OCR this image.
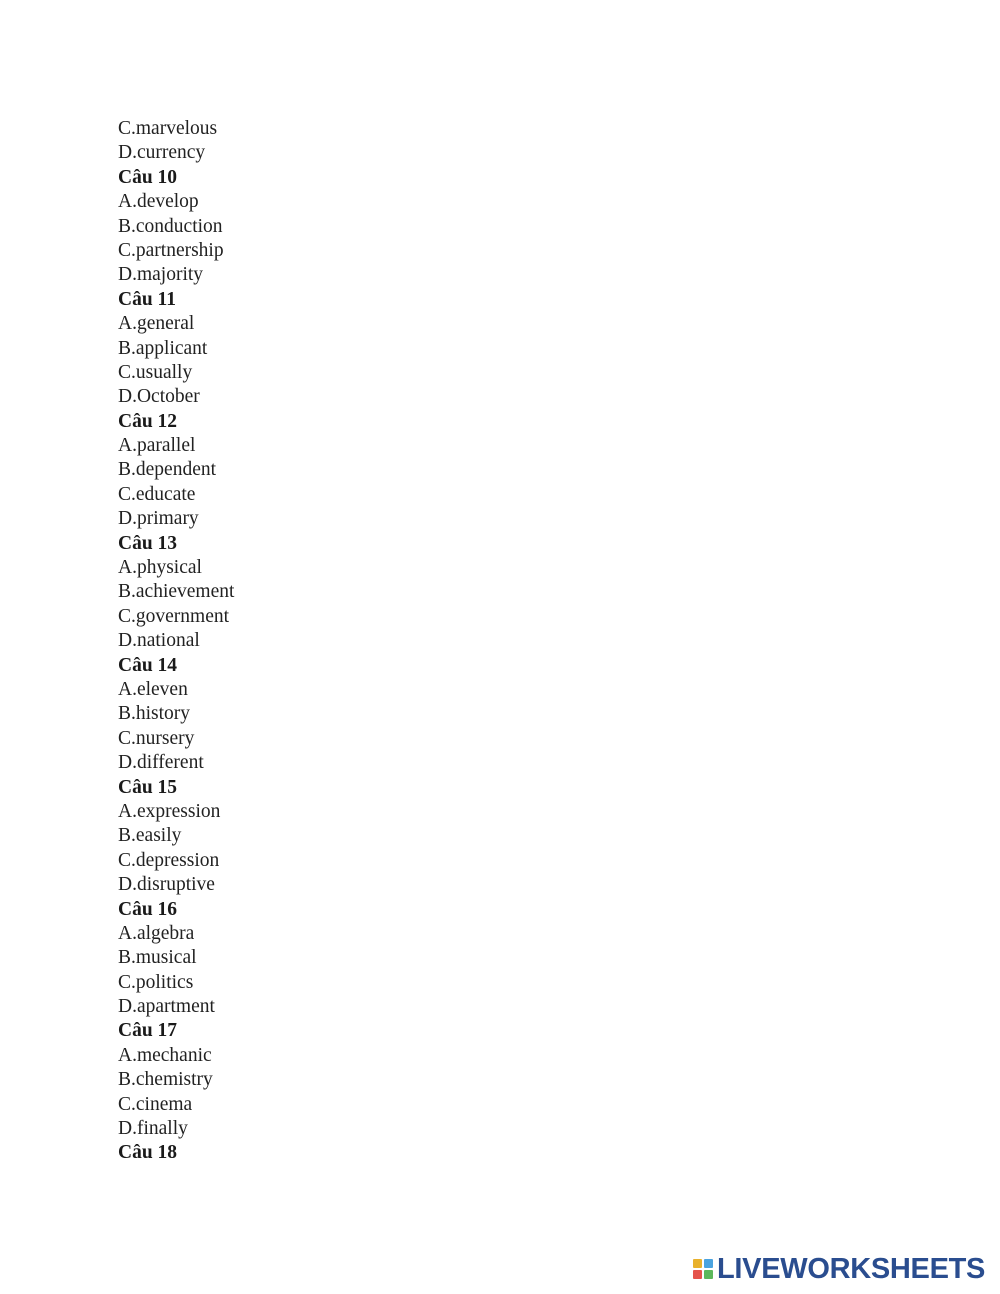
C.marvelous
D.currency
Câu 10
A.develop
B.conduction
C.partnership
D.majority
Câu 11
A.general
B.applicant
C.usually
D.October
Câu 12
A.parallel
B.dependent
C.educate
D.primary
Câu 13
A.physical
B.achievement
C.government
D.national
Câu 14
A.eleven
B.history
C.nursery
D.different
Câu 15
A.expression
B.easily
C.depression
D.disruptive
Câu 16
A.algebra
B.musical
C.politics
D.apartment
Câu 17
A.mechanic
B.chemistry
C.cinema
D.finally
Câu 18
LIVEWORKSHEETS
